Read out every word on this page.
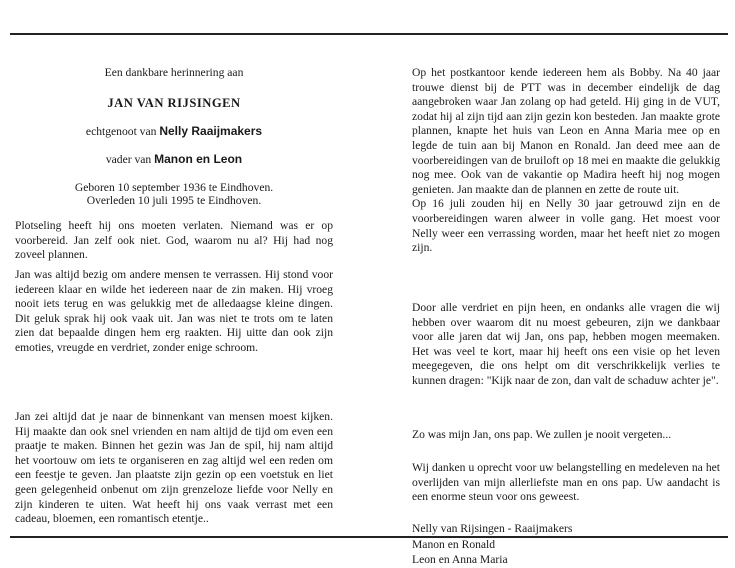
Een dankbare herinnering aan
JAN VAN RIJSINGEN
echtgenoot van Nelly Raaijmakers
vader van Manon en Leon
Geboren 10 september 1936 te Eindhoven.
Overleden 10 juli 1995 te Eindhoven.

Plotseling heeft hij ons moeten verlaten. Niemand was er op voorbereid. Jan zelf ook niet. God, waarom nu al? Hij had nog zoveel plannen.

Jan was altijd bezig om andere mensen te verrassen. Hij stond voor iedereen klaar en wilde het iedereen naar de zin maken. Hij vroeg nooit iets terug en was gelukkig met de alledaagse kleine dingen. Dit geluk sprak hij ook vaak uit. Jan was niet te trots om te laten zien dat bepaalde dingen hem erg raakten. Hij uitte dan ook zijn emoties, vreugde en verdriet, zonder enige schroom.

Jan zei altijd dat je naar de binnenkant van mensen moest kijken. Hij maakte dan ook snel vrienden en nam altijd de tijd om even een praatje te maken. Binnen het gezin was Jan de spil, hij nam altijd het voortouw om iets te organiseren en zag altijd wel een reden om een feestje te geven. Jan plaatste zijn gezin op een voetstuk en liet geen gelegenheid onbenut om zijn grenzeloze liefde voor Nelly en zijn kinderen te uiten. Wat heeft hij ons vaak verrast met een cadeau, bloemen, een romantisch etentje..

Op het postkantoor kende iedereen hem als Bobby. Na 40 jaar trouwe dienst bij de PTT was in december eindelijk de dag aangebroken waar Jan zolang op had geteld. Hij ging in de VUT, zodat hij al zijn tijd aan zijn gezin kon besteden. Jan maakte grote plannen, knapte het huis van Leon en Anna Maria mee op en legde de tuin aan bij Manon en Ronald. Jan deed mee aan de voorbereidingen van de bruiloft op 18 mei en maakte die gelukkig nog mee. Ook van de vakantie op Madira heeft hij nog mogen genieten. Jan maakte dan de plannen en zette de route uit.
Op 16 juli zouden hij en Nelly 30 jaar getrouwd zijn en de voorbereidingen waren alweer in volle gang. Het moest voor Nelly weer een verrassing worden, maar het heeft niet zo mogen zijn.

Door alle verdriet en pijn heen, en ondanks alle vragen die wij hebben over waarom dit nu moest gebeuren, zijn we dankbaar voor alle jaren dat wij Jan, ons pap, hebben mogen meemaken. Het was veel te kort, maar hij heeft ons een visie op het leven meegegeven, die ons helpt om dit verschrikkelijk verlies te kunnen dragen: "Kijk naar de zon, dan valt de schaduw achter je".

Zo was mijn Jan, ons pap. We zullen je nooit vergeten...

Wij danken u oprecht voor uw belangstelling en medeleven na het overlijden van mijn allerliefste man en ons pap. Uw aandacht is een enorme steun voor ons geweest.

Nelly van Rijsingen - Raaijmakers
Manon en Ronald
Leon en Anna Maria
